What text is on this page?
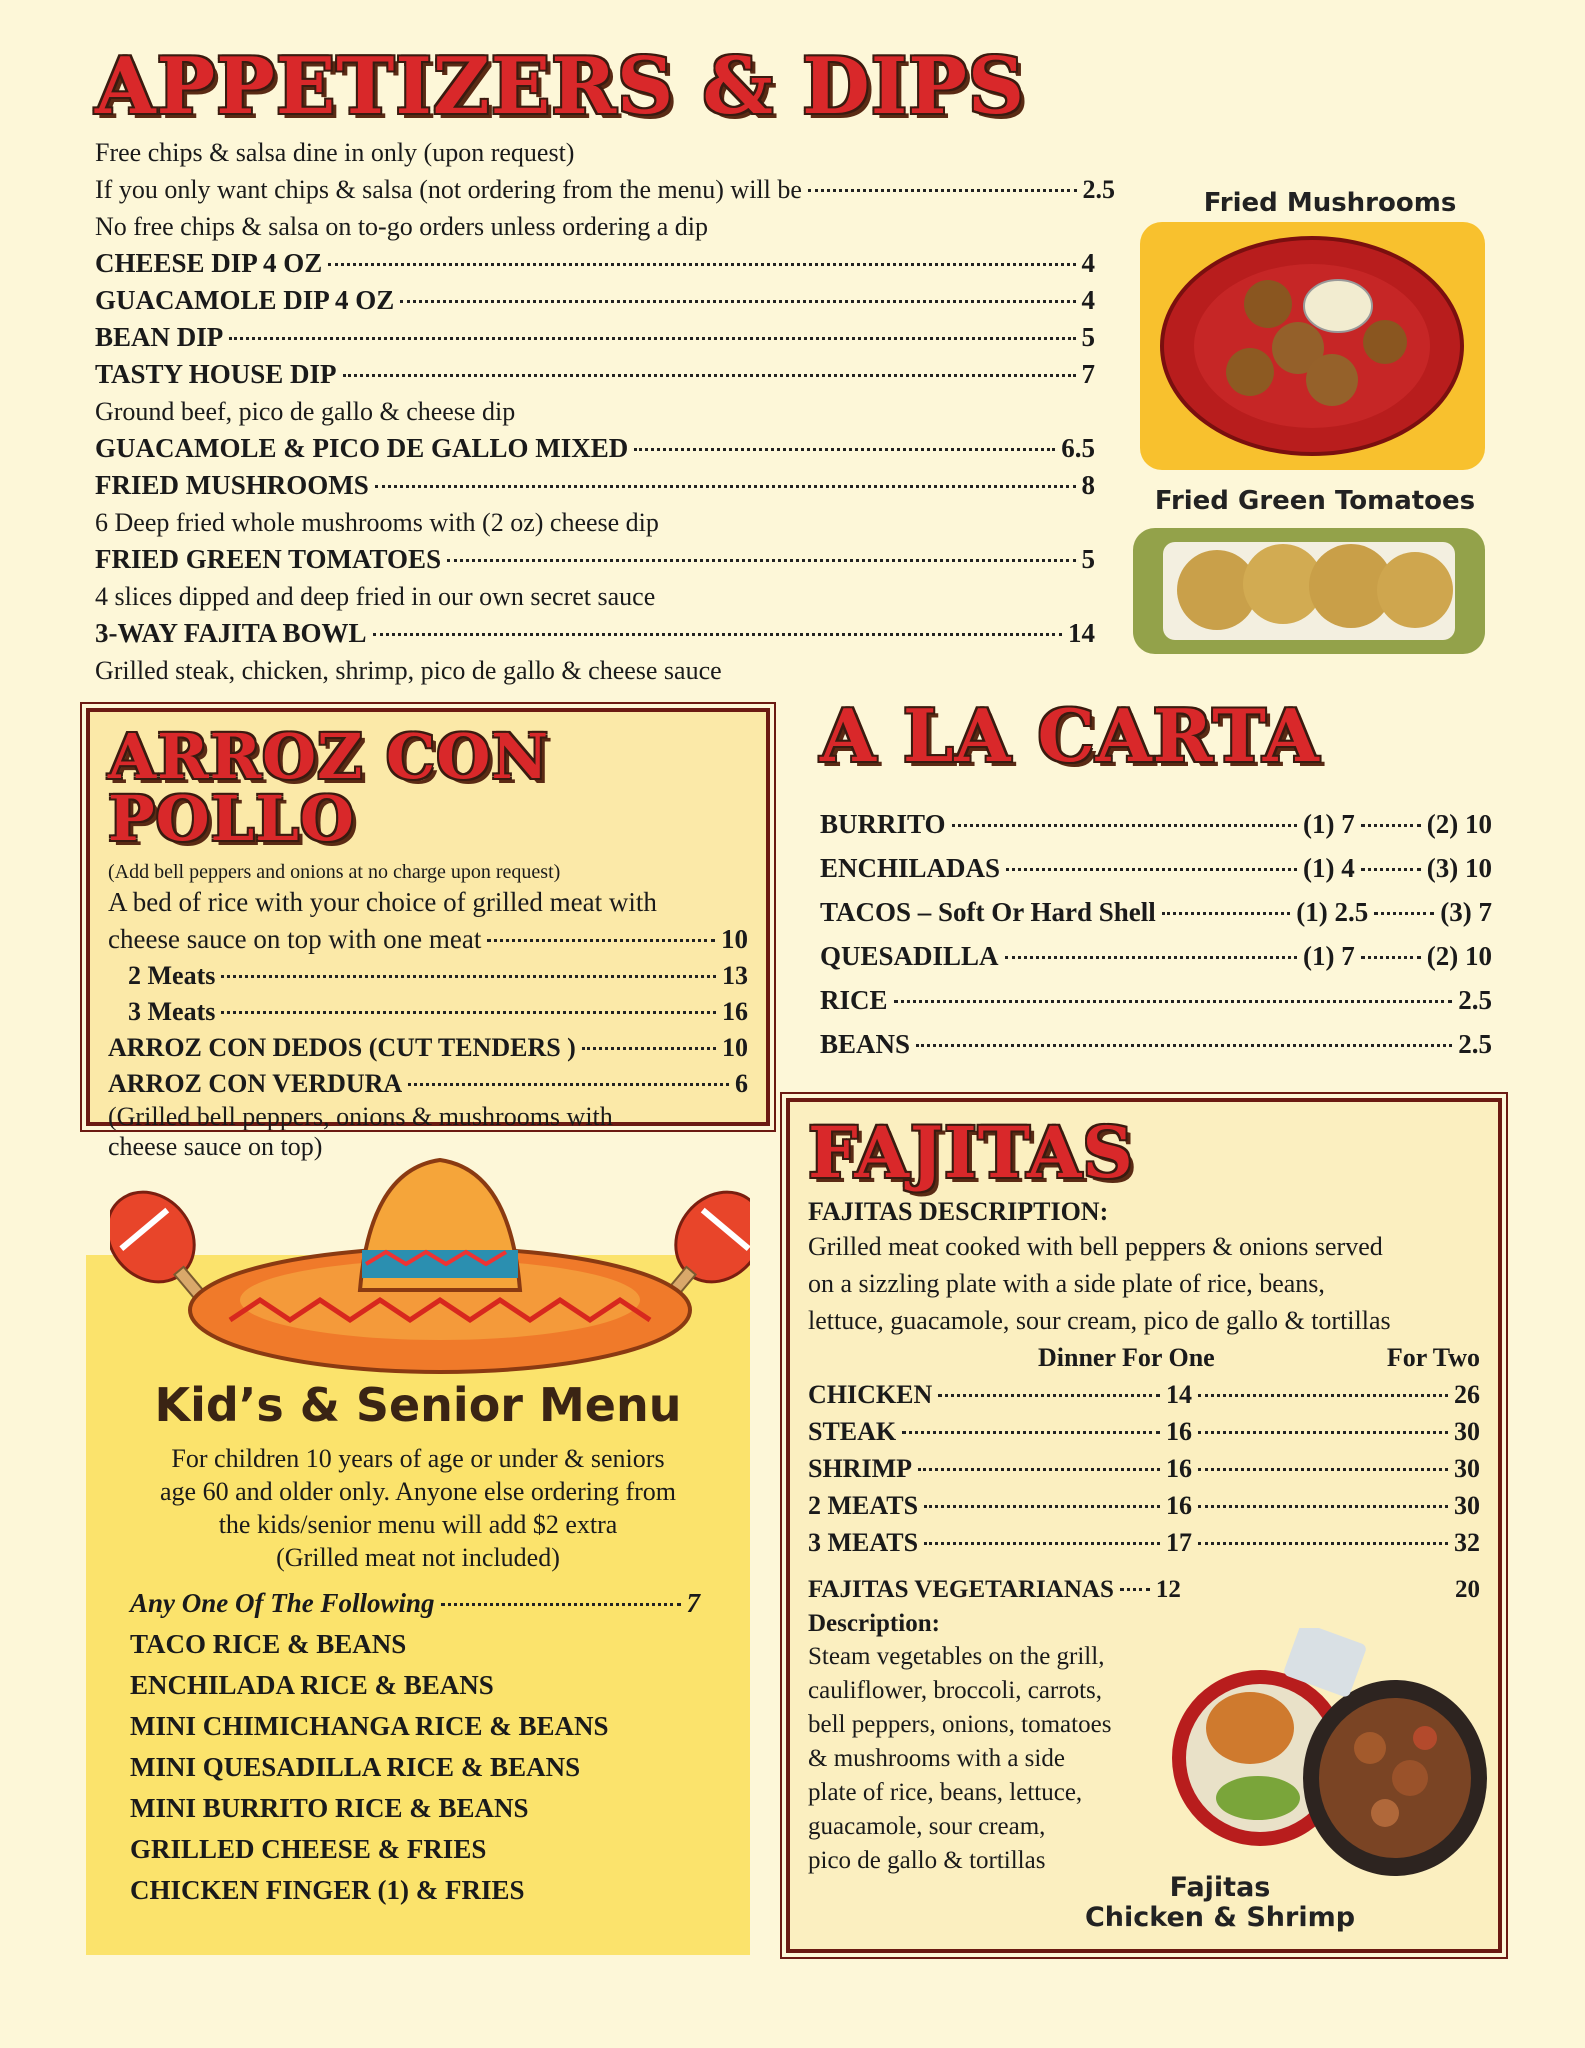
APPETIZERS & DIPS
Free chips & salsa dine in only (upon request)
If you only want chips & salsa (not ordering from the menu) will be	2.5
No free chips & salsa on to-go orders unless ordering a dip
CHEESE DIP 4 OZ	4
GUACAMOLE DIP 4 OZ	4
BEAN DIP	5
TASTY HOUSE DIP	7
Ground beef, pico de gallo & cheese dip
GUACAMOLE & PICO DE GALLO MIXED	6.5
FRIED MUSHROOMS	8
6 Deep fried whole mushrooms with (2 oz) cheese dip
FRIED GREEN TOMATOES	5
4 slices dipped and deep fried in our own secret sauce
3-WAY FAJITA BOWL	14
Grilled steak, chicken, shrimp, pico de gallo & cheese sauce
Fried Mushrooms
Fried Green Tomatoes
ARROZ CON POLLO
(Add bell peppers and onions at no charge upon request)
A bed of rice with your choice of grilled meat with
cheese sauce on top with one meat	10
2 Meats	13
3 Meats	16
ARROZ CON DEDOS (CUT TENDERS )	10
ARROZ CON VERDURA	6
(Grilled bell peppers, onions & mushrooms with
cheese sauce on top)
A LA CARTA
BURRITO	(1) 7	(2) 10
ENCHILADAS	(1) 4	(3) 10
TACOS – Soft Or Hard Shell	(1) 2.5	(3) 7
QUESADILLA	(1) 7	(2) 10
RICE	2.5
BEANS	2.5
FAJITAS
FAJITAS DESCRIPTION:
Grilled meat cooked with bell peppers & onions served
on a sizzling plate with a side plate of rice, beans,
lettuce, guacamole, sour cream, pico de gallo & tortillas
Dinner For One	For Two
CHICKEN	14	26
STEAK	16	30
SHRIMP	16	30
2 MEATS	16	30
3 MEATS	17	32
FAJITAS VEGETARIANAS 12	20
Description:
Steam vegetables on the grill,
cauliflower, broccoli, carrots,
bell peppers, onions, tomatoes
& mushrooms with a side
plate of rice, beans, lettuce,
guacamole, sour cream,
pico de gallo & tortillas
Fajitas
Chicken & Shrimp
Kid’s & Senior Menu
For children 10 years of age or under & seniors
age 60 and older only. Anyone else ordering from
the kids/senior menu will add $2 extra
(Grilled meat not included)
Any One Of The Following	7
TACO RICE & BEANS
ENCHILADA RICE & BEANS
MINI CHIMICHANGA RICE & BEANS
MINI QUESADILLA RICE & BEANS
MINI BURRITO RICE & BEANS
GRILLED CHEESE & FRIES
CHICKEN FINGER (1) & FRIES
